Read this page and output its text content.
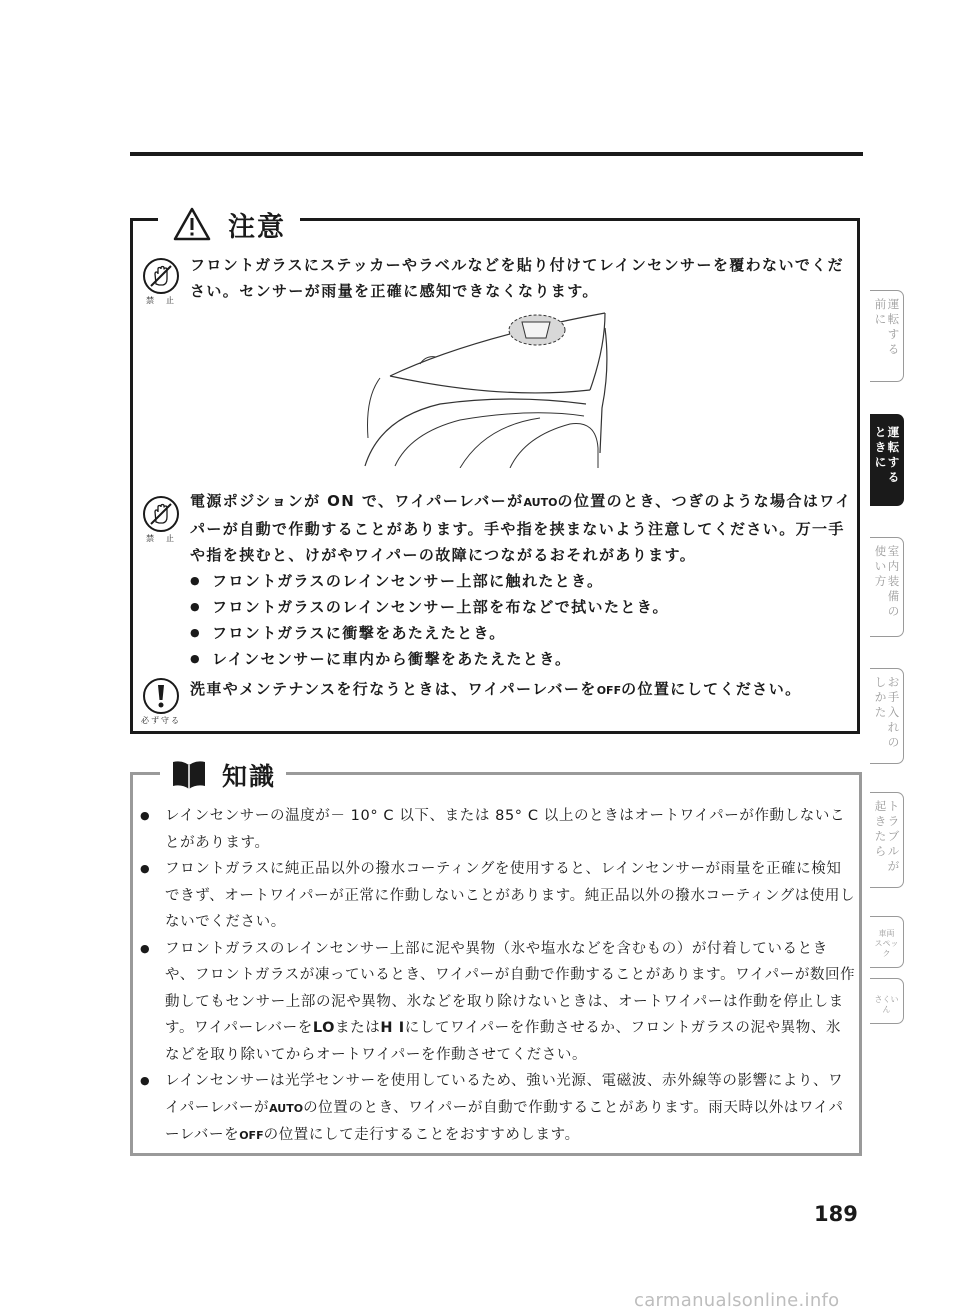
注意
禁　止

フロントガラスにステッカーやラベルなどを貼り付けてレインセンサーを覆わないでください。センサーが雨量を正確に感知できなくなります。

禁　止

電源ポジションが ON で、ワイパーレバーがAUTOの位置のとき、つぎのような場合はワイパーが自動で作動することがあります。手や指を挟まないよう注意してください。万一手や指を挟むと、けがやワイパーの故障につながるおそれがあります。

● フロントガラスのレインセンサー上部に触れたとき。
● フロントガラスのレインセンサー上部を布などで拭いたとき。
● フロントガラスに衝撃をあたえたとき。
● レインセンサーに車内から衝撃をあたえたとき。
必ず守る

洗車やメンテナンスを行なうときは、ワイパーレバーをOFFの位置にしてください。

知識
● レインセンサーの温度が－ 10° C 以下、または 85° C 以上のときはオートワイパーが作動しないことがあります。
● フロントガラスに純正品以外の撥水コーティングを使用すると、レインセンサーが雨量を正確に検知できず、オートワイパーが正常に作動しないことがあります。純正品以外の撥水コーティングは使用しないでください。
● フロントガラスのレインセンサー上部に泥や異物（氷や塩水などを含むもの）が付着しているときや、フロントガラスが凍っているとき、ワイパーが自動で作動することがあります。ワイパーが数回作動してもセンサー上部の泥や異物、氷などを取り除けないときは、オートワイパーは作動を停止します。ワイパーレバーをLOまたはH Iにしてワイパーを作動させるか、フロントガラスの泥や異物、氷などを取り除いてからオートワイパーを作動させてください。
● レインセンサーは光学センサーを使用しているため、強い光源、電磁波、赤外線等の影響により、ワイパーレバーがAUTOの位置のとき、ワイパーが自動で作動することがあります。雨天時以外はワイパーレバーをOFFの位置にして走行することをおすすめします。
189
carmanualsonline.info
運
転
す
る
前
に
運
転
す
る
と
き
に
室
内
装
備
の
使
い
方
お
手
入
れ
の
し
か
た
ト
ラ
ブ
ル
が
起
き
た
ら
車両
スペック
さくいん
